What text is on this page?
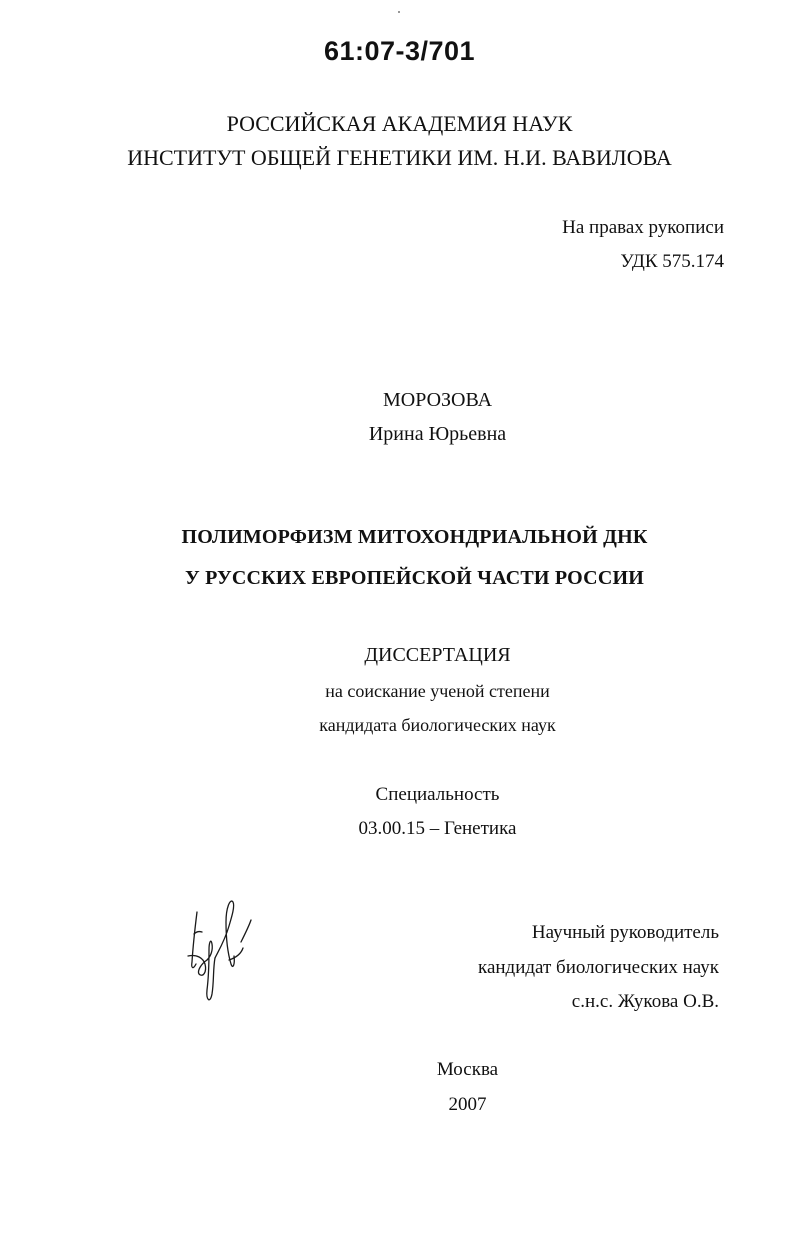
61:07-3/701
РОССИЙСКАЯ АКАДЕМИЯ НАУК
ИНСТИТУТ ОБЩЕЙ ГЕНЕТИКИ ИМ. Н.И. ВАВИЛОВА
На правах рукописи
УДК 575.174
МОРОЗОВА
Ирина Юрьевна
ПОЛИМОРФИЗМ МИТОХОНДРИАЛЬНОЙ ДНК
У РУССКИХ ЕВРОПЕЙСКОЙ ЧАСТИ РОССИИ
ДИССЕРТАЦИЯ
на соискание ученой степени
кандидата биологических наук
Специальность
03.00.15 – Генетика
Научный руководитель
кандидат биологических наук
с.н.с. Жукова О.В.
Москва
2007
